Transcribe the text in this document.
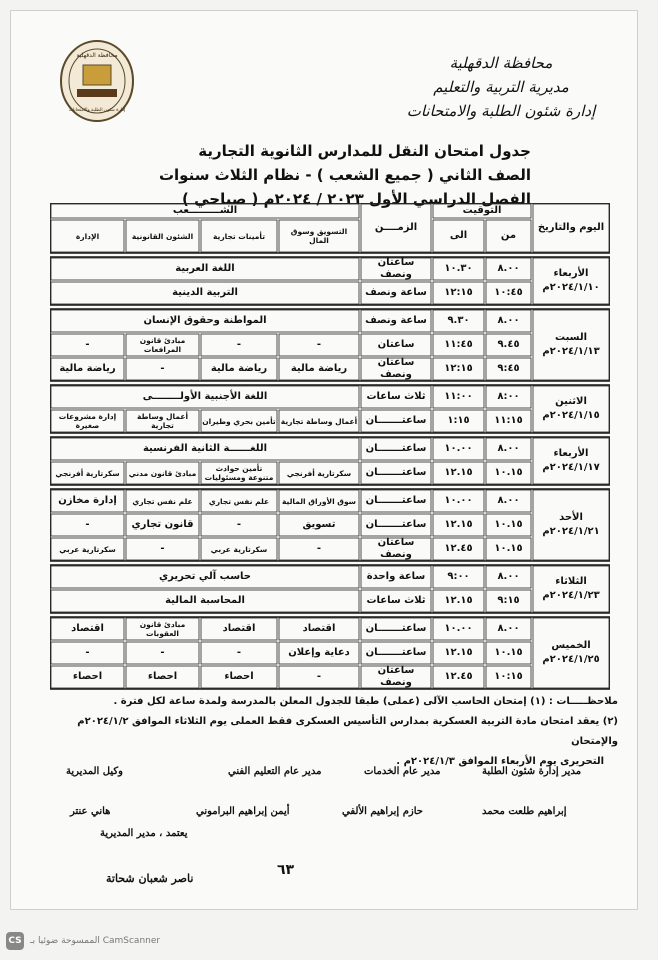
محافظة الدقهلية
إدارة شئون الطلبة والامتحانات
محافظة الدقهلية
مديرية التربية والتعليم
إدارة شئون الطلبة والامتحانات
جدول امتحان النقل للمدارس الثانوية التجارية
الصف الثاني ( جميع الشعب ) - نظام الثلاث سنوات
الفصل الدراسي الأول ٢٠٢٣ / ٢٠٢٤م ( صباحي )
اليوم والتاريخ
التوقيت
من
الى
الزمــــن
الشـــــــــعب
التسويق وسوق المال
تأمينات تجارية
الشئون القانونية
الإدارة
الأربعاء
٢٠٢٤/١/١٠م
٨.٠٠
١٠.٣٠
ساعتان ونصف
اللغة العربية
١٠:٤٥
١٢:١٥
ساعة ونصف
التربية الدينية
السبت
٢٠٢٤/١/١٣م
٨.٠٠
٩.٣٠
ساعة ونصف
المواطنة وحقوق الإنسان
٩.٤٥
١١:٤٥
ساعتان
-
-
مبادئ قانون المرافعات
-
٩:٤٥
١٢:١٥
ساعتان ونصف
رياضة مالية
رياضة مالية
-
رياضة مالية
الاثنين
٢٠٢٤/١/١٥م
٨:٠٠
١١:٠٠
ثلاث ساعات
اللغة الأجنبية الأولــــــــى
١١:١٥
١:١٥
ساعتـــــــان
أعمال وساطة تجارية
تأمين بحري وطيران
أعمال وساطة تجارية
إدارة مشروعات صغيرة
الأربعاء
٢٠٢٤/١/١٧م
٨.٠٠
١٠.٠٠
ساعتـــــــان
اللغــــــة الثانية الفرنسية
١٠.١٥
١٢.١٥
ساعتـــــــان
سكرتارية أفرنجي
تأمين حوادث متنوعة ومسئوليات
مبادئ قانون مدني
سكرتارية أفرنجي
الأحد
٢٠٢٤/١/٢١م
٨.٠٠
١٠.٠٠
ساعتـــــــان
سوق الأوراق المالية
علم نفس تجاري
علم نفس تجاري
إدارة مخازن
١٠.١٥
١٢.١٥
ساعتـــــــان
تسويق
-
قانون تجاري
-
١٠.١٥
١٢.٤٥
ساعتان ونصف
-
سكرتارية عربي
-
سكرتارية عربي
الثلاثاء
٢٠٢٤/١/٢٣م
٨.٠٠
٩:٠٠
ساعة واحدة
حاسب آلي تحريري
٩:١٥
١٢.١٥
ثلاث ساعات
المحاسبة المالية
الخميس
٢٠٢٤/١/٢٥م
٨.٠٠
١٠.٠٠
ساعتـــــــان
اقتصاد
اقتصاد
مبادئ قانون العقوبات
اقتصاد
١٠.١٥
١٢.١٥
ساعتـــــــان
دعاية وإعلان
-
-
-
١٠:١٥
١٢.٤٥
ساعتان ونصف
-
احصاء
احصاء
احصاء
ملاحظـــــات : (١) إمتحان الحاسب الآلى (عملى) طبقا للجدول المعلن بالمدرسة ولمدة ساعة لكل فترة .
(٢) يعقد امتحان مادة التربية العسكرية بمدارس التأسيس العسكرى فقط العملى يوم الثلاثاء الموافق ٢٠٢٤/١/٢م والإمتحان
التحريرى يوم الأربعاء الموافق ٢٠٢٤/١/٣م .
مدير إدارة شئون الطلبة
مدير عام الخدمات
مدير عام التعليم الفني
وكيل المديرية
إبراهيم طلعت محمد
حازم إبراهيم الألفي
أيمن إبراهيم البراموني
هاني عنتر
يعتمد ، مدير المديرية
ناصر شعبان شحاتة
٦٣
CS الممسوحة ضوئيا بـ CamScanner
